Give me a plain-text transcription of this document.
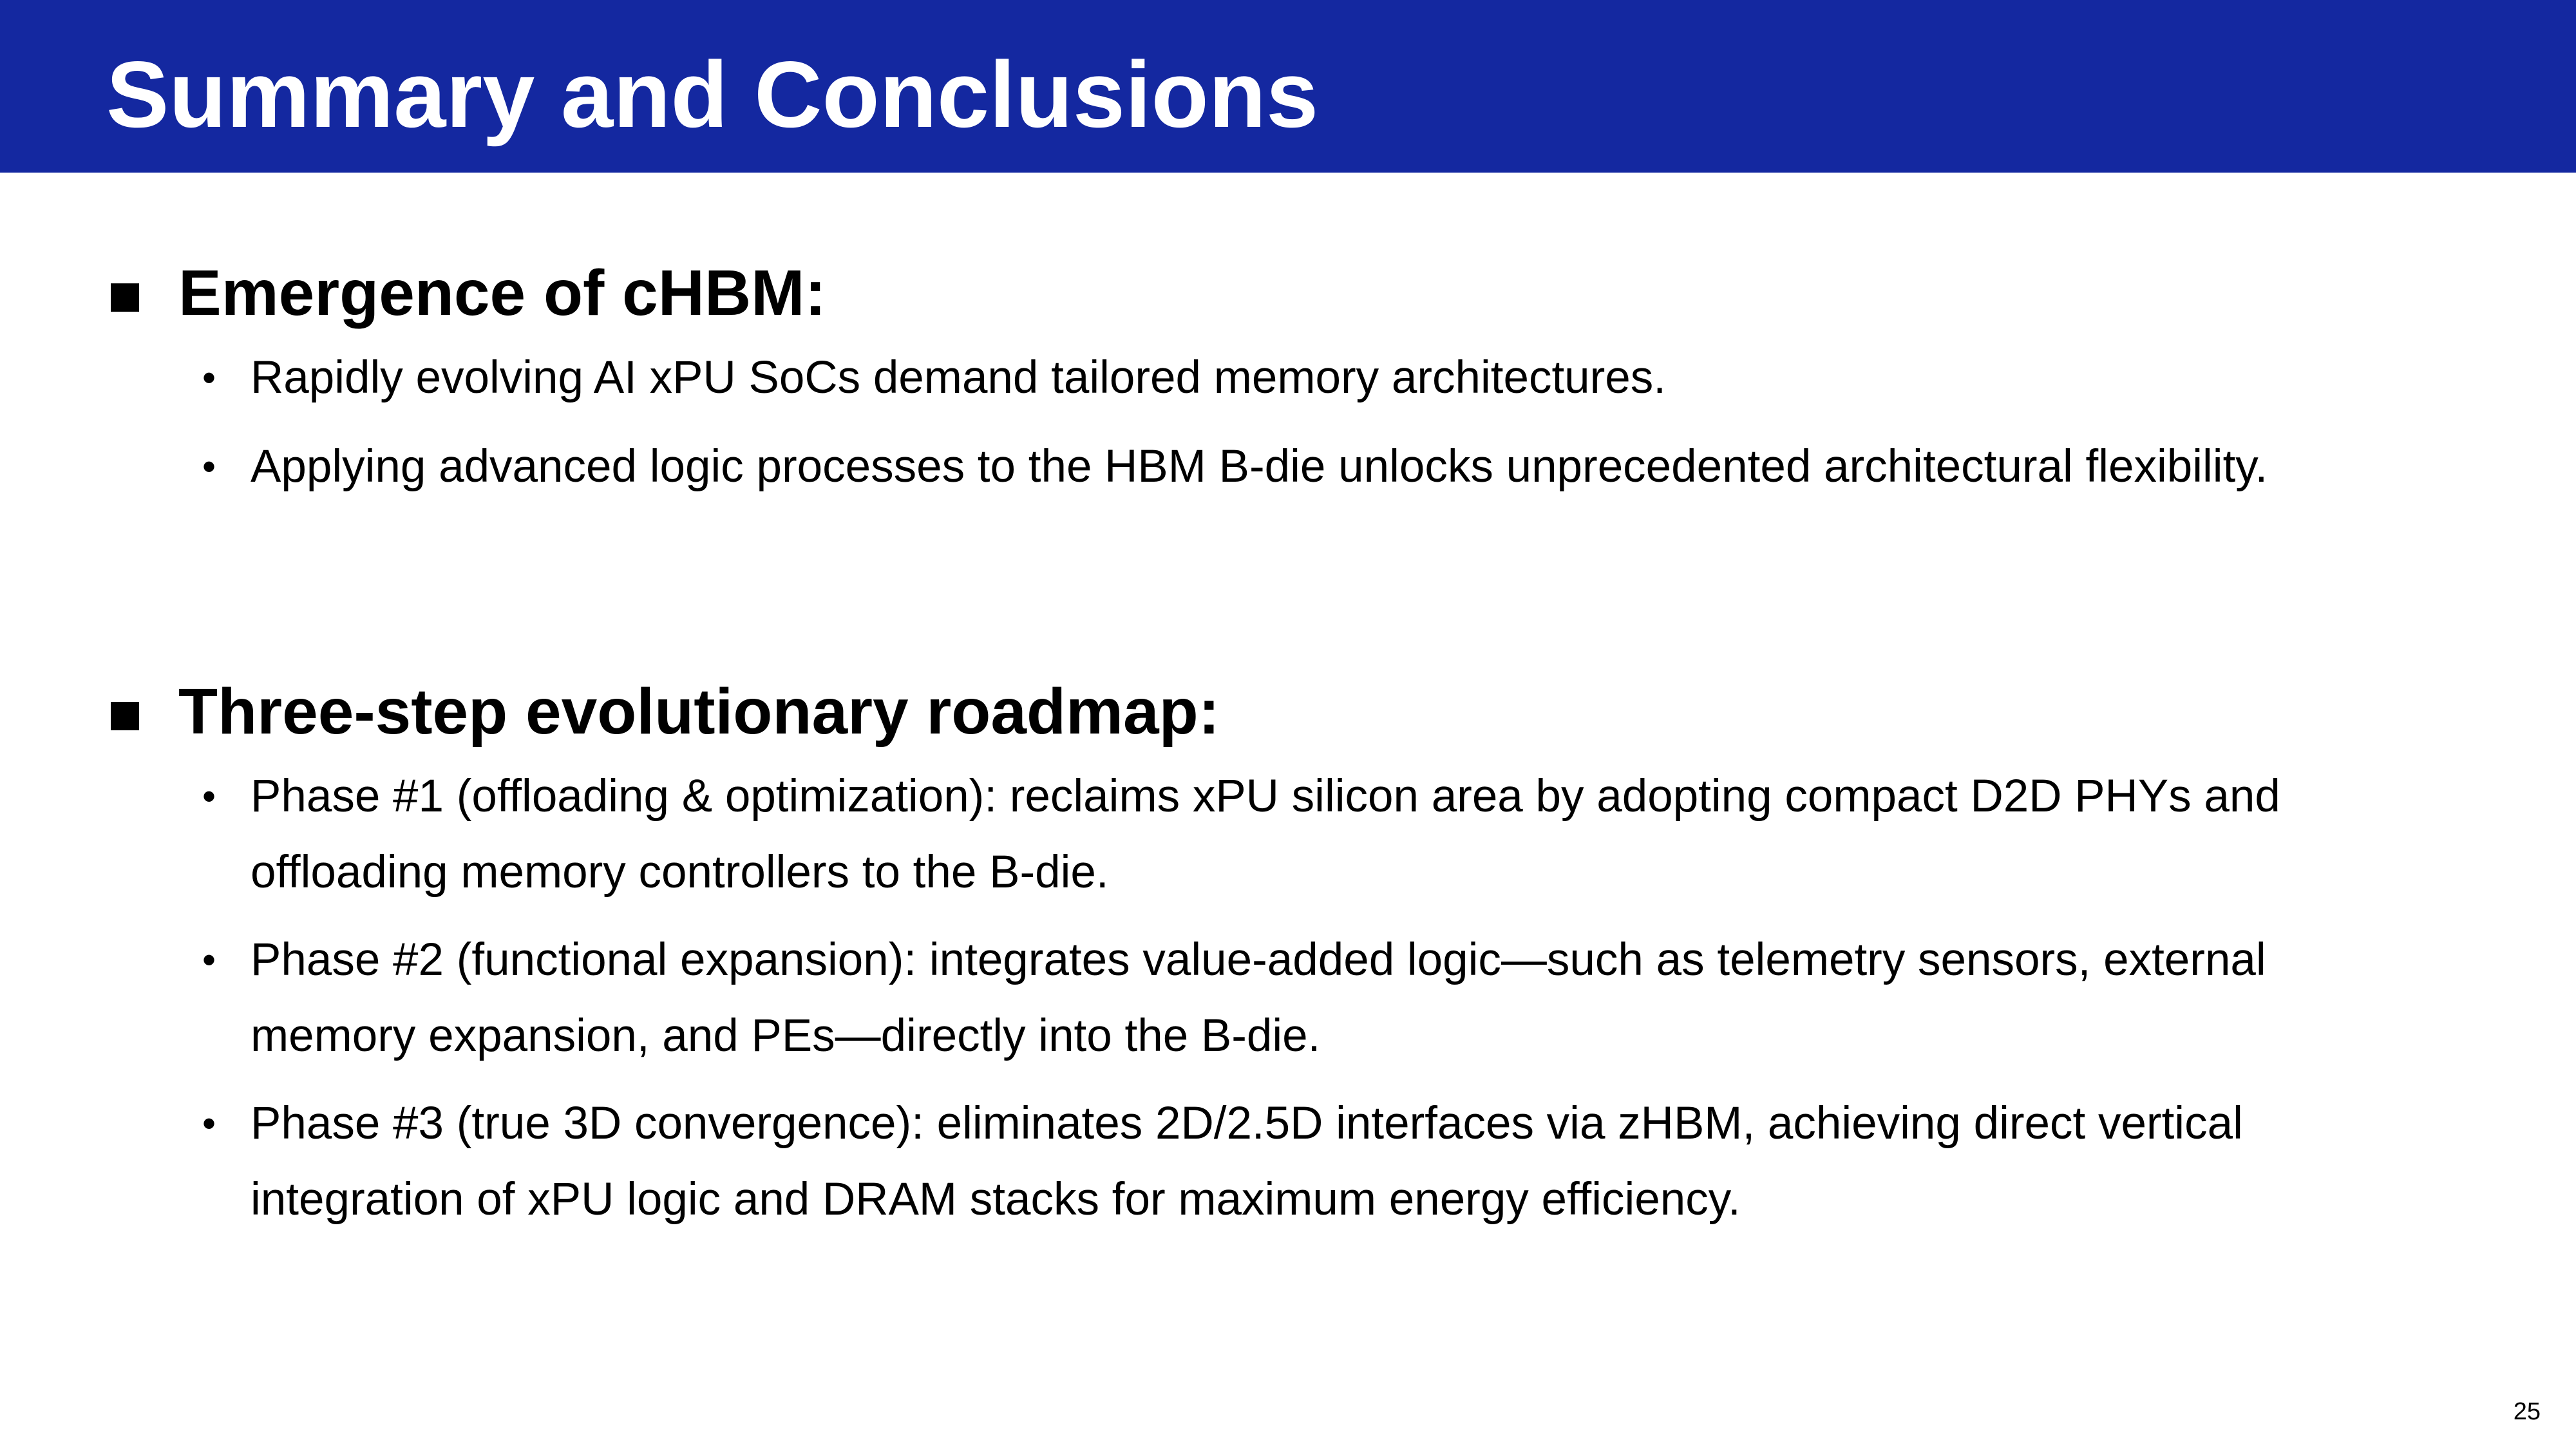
Summary and Conclusions
Emergence of cHBM:
• Rapidly evolving AI xPU SoCs demand tailored memory architectures.
• Applying advanced logic processes to the HBM B-die unlocks unprecedented architectural flexibility.
Three-step evolutionary roadmap:
• Phase #1 (offloading & optimization): reclaims xPU silicon area by adopting compact D2D PHYs and offloading memory controllers to the B-die.
• Phase #2 (functional expansion): integrates value-added logic—such as telemetry sensors, external memory expansion, and PEs—directly into the B-die.
• Phase #3 (true 3D convergence): eliminates 2D/2.5D interfaces via zHBM, achieving direct vertical integration of xPU logic and DRAM stacks for maximum energy efficiency.
25
